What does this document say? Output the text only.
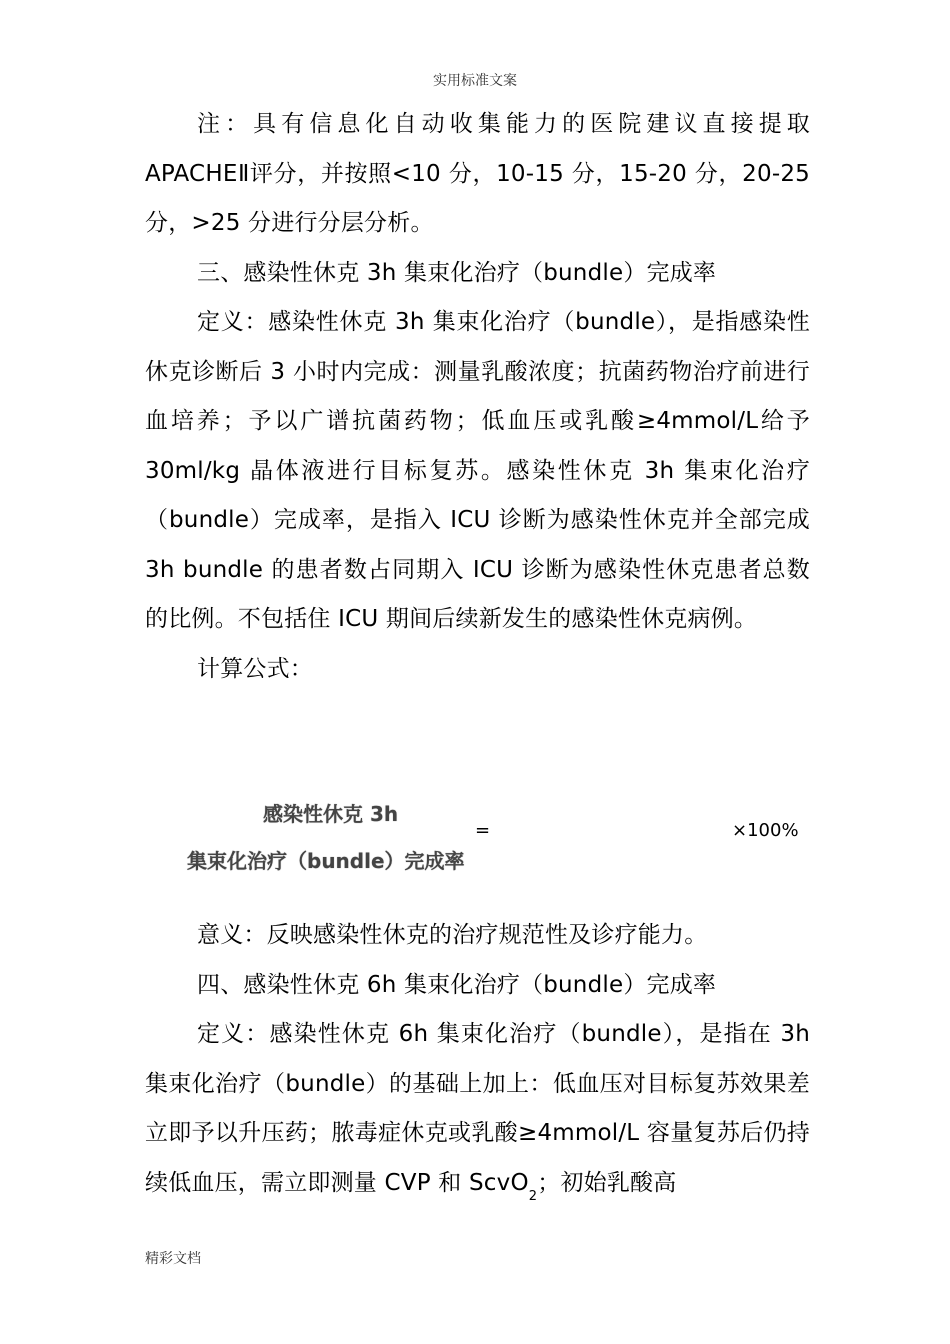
实用标准文案

注：具有信息化自动收集能力的医院建议直接提取APACHEⅡ评分，并按照<10 分，10-15 分，15-20 分，20-25分，>25 分进行分层分析。

三、感染性休克 3h 集束化治疗（bundle）完成率

定义：感染性休克 3h 集束化治疗（bundle），是指感染性休克诊断后 3 小时内完成：测量乳酸浓度；抗菌药物治疗前进行血培养；予以广谱抗菌药物；低血压或乳酸≥4mmol/L给予 30ml/kg 晶体液进行目标复苏。感染性休克 3h 集束化治疗（bundle）完成率，是指入 ICU 诊断为感染性休克并全部完成 3h bundle 的患者数占同期入 ICU 诊断为感染性休克患者总数的比例。不包括住 ICU 期间后续新发生的感染性休克病例。

计算公式：

感染性休克 3h
集束化治疗（bundle）完成率
=	×100%

意义：反映感染性休克的治疗规范性及诊疗能力。

四、感染性休克 6h 集束化治疗（bundle）完成率

定义：感染性休克 6h 集束化治疗（bundle），是指在 3h集束化治疗（bundle）的基础上加上：低血压对目标复苏效果差立即予以升压药；脓毒症休克或乳酸≥4mmol/L 容量复苏后仍持续低血压，需立即测量 CVP 和 ScvO$_2$；初始乳酸高

精彩文档
